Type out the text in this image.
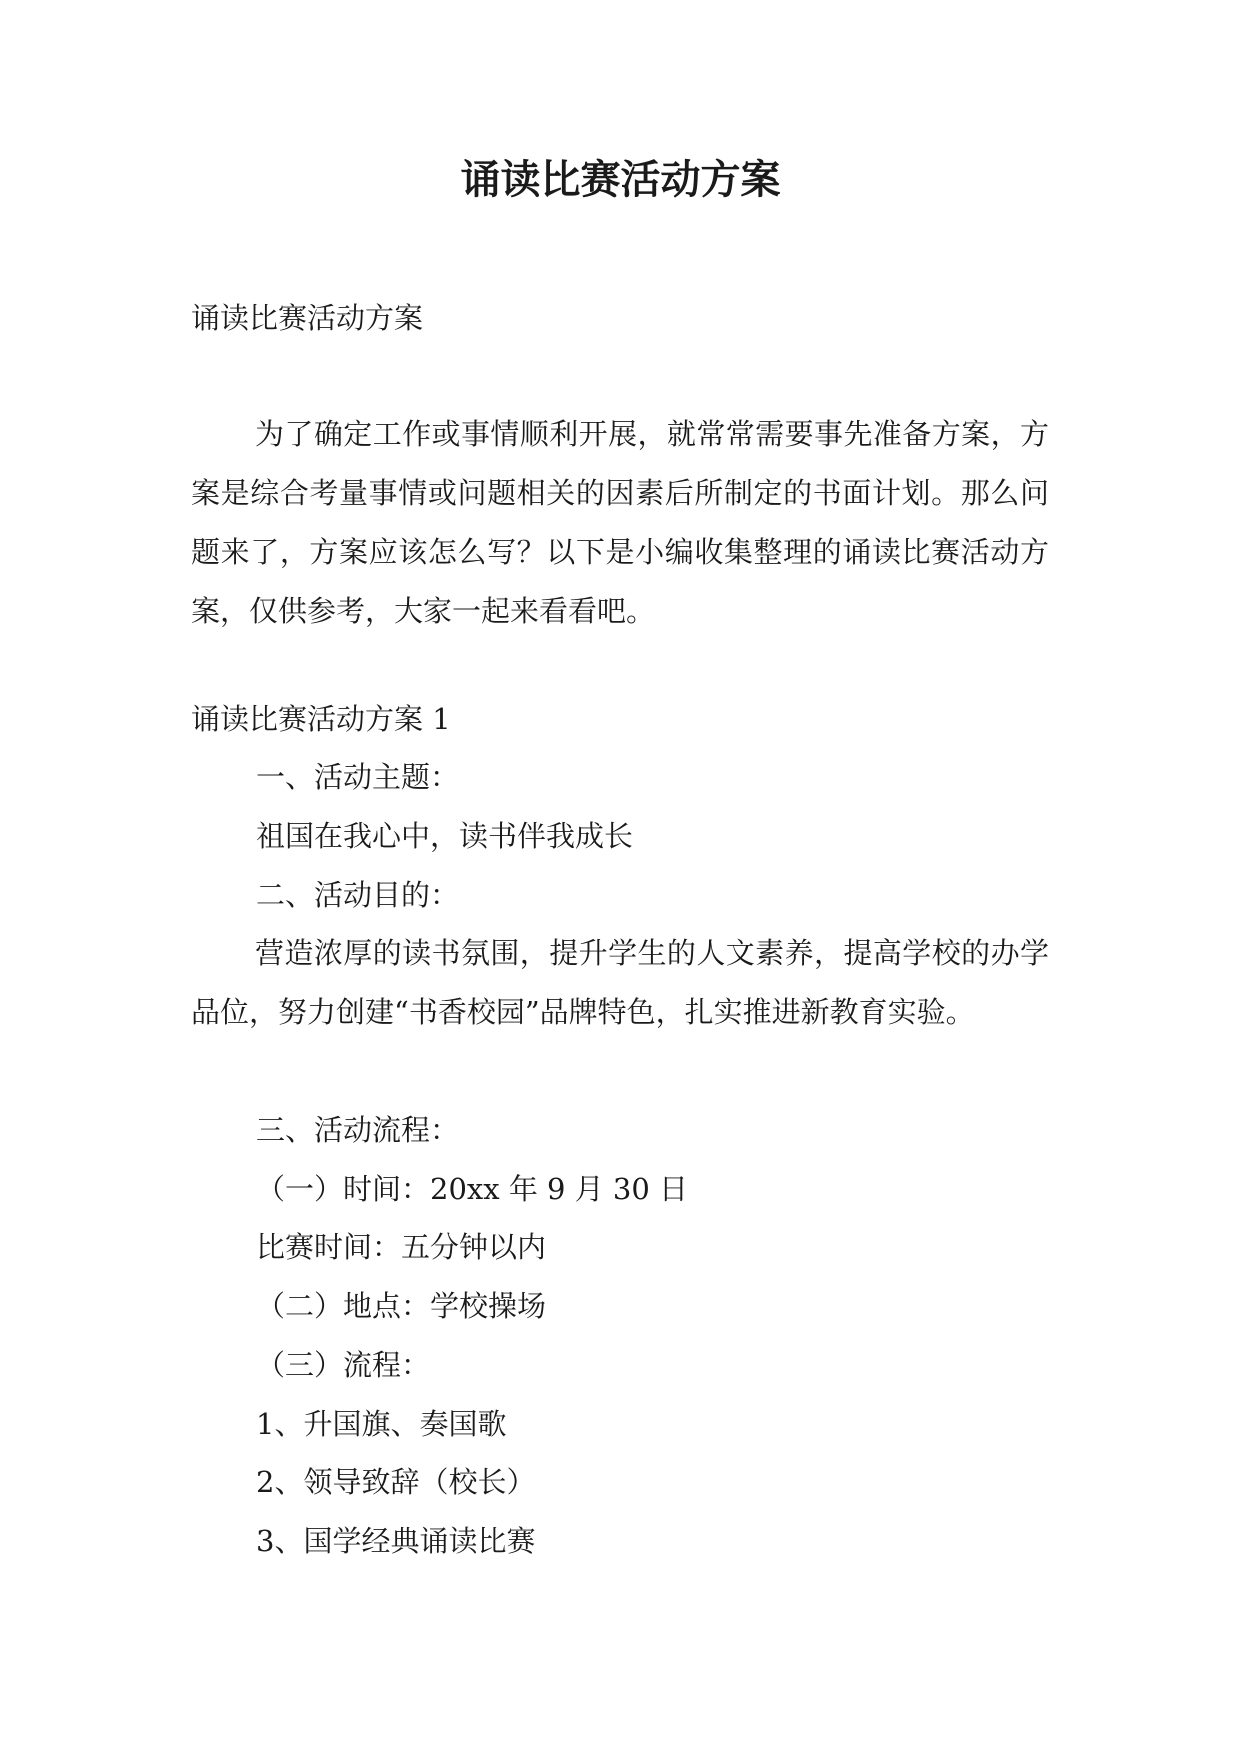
诵读比赛活动方案

诵读比赛活动方案

为了确定工作或事情顺利开展，就常常需要事先准备方案，方案是综合考量事情或问题相关的因素后所制定的书面计划。那么问题来了，方案应该怎么写？以下是小编收集整理的诵读比赛活动方案，仅供参考，大家一起来看看吧。

诵读比赛活动方案 1

一、活动主题：

祖国在我心中，读书伴我成长

二、活动目的：

营造浓厚的读书氛围，提升学生的人文素养，提高学校的办学品位，努力创建“书香校园”品牌特色，扎实推进新教育实验。

三、活动流程：

（一）时间：20xx 年 9 月 30 日

比赛时间：五分钟以内

（二）地点：学校操场

（三）流程：

1、升国旗、奏国歌

2、领导致辞（校长）

3、国学经典诵读比赛
